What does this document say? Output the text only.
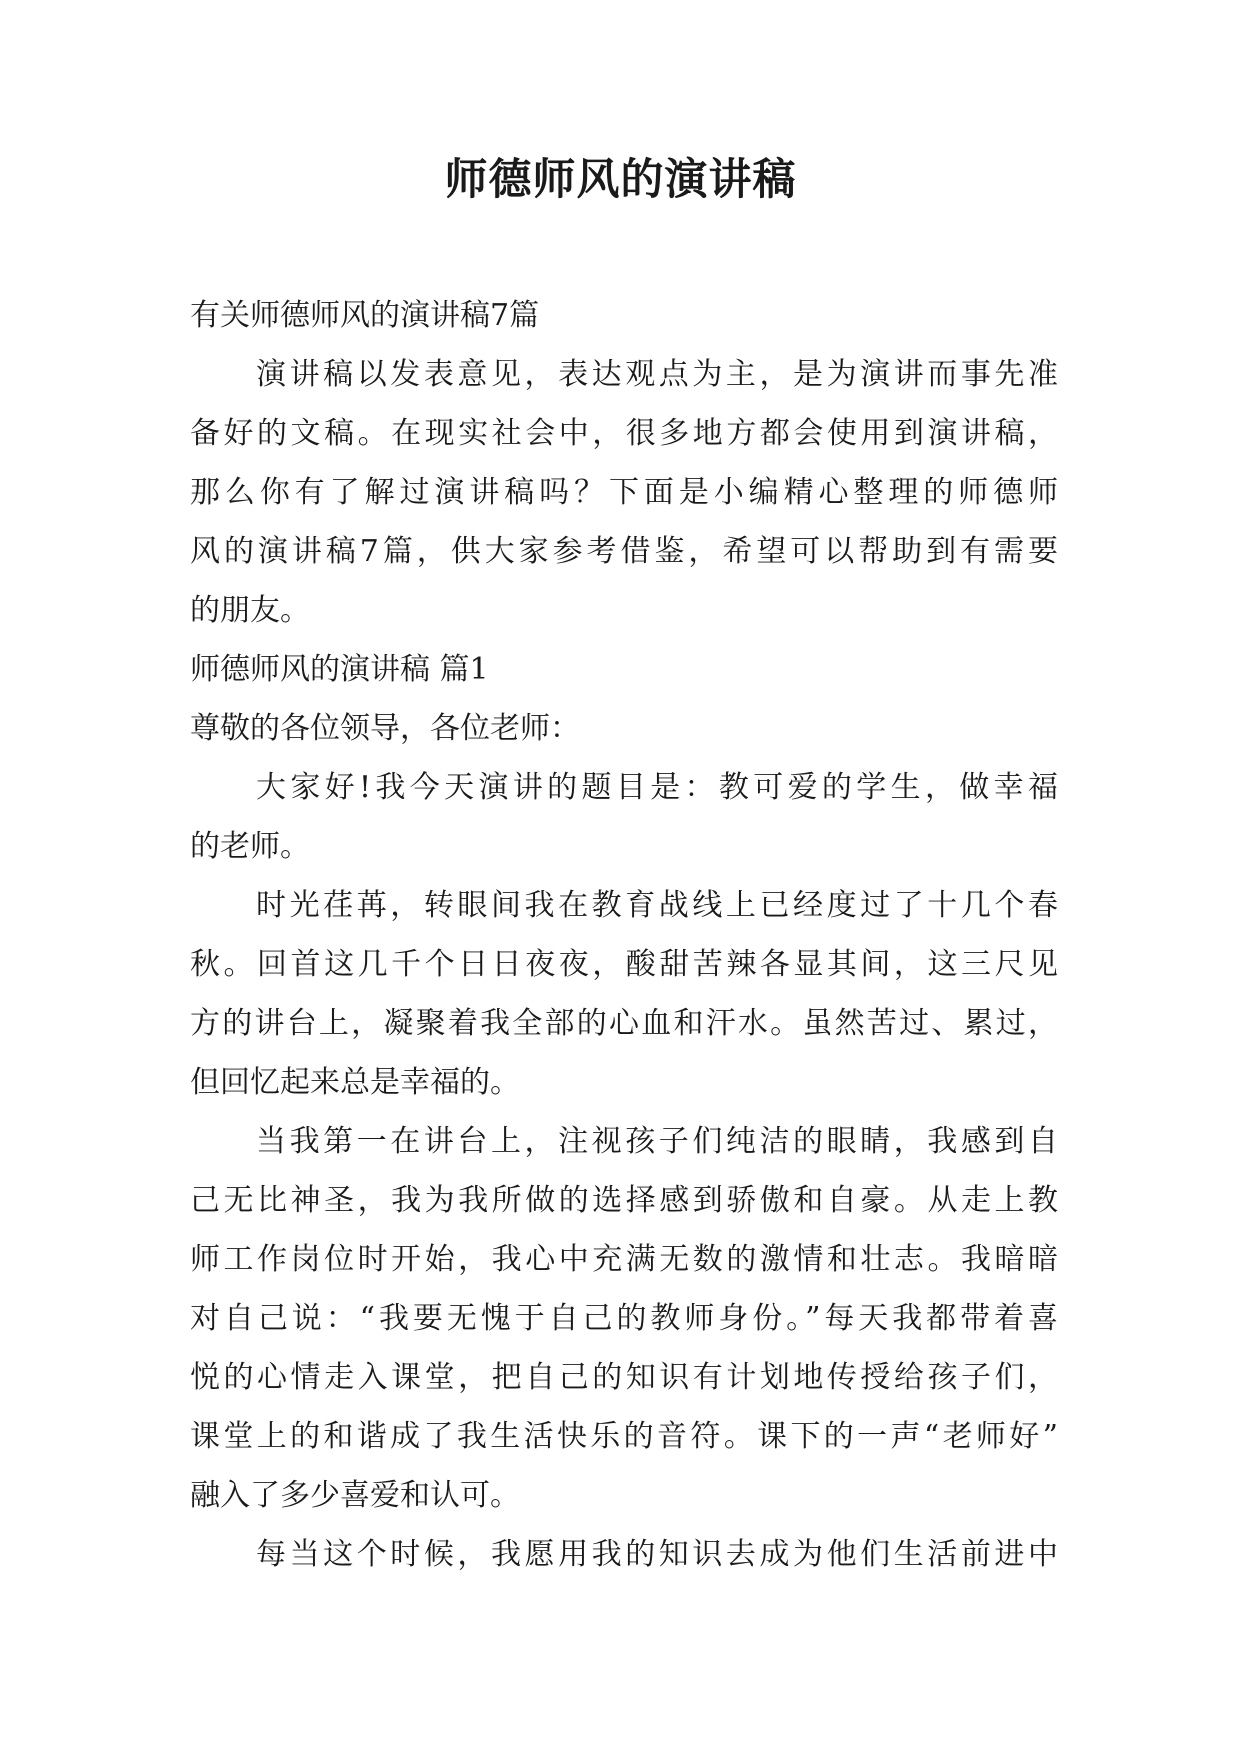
师德师风的演讲稿
有关师德师风的演讲稿7篇
演讲稿以发表意见，表达观点为主，是为演讲而事先准
备好的文稿。在现实社会中，很多地方都会使用到演讲稿，
那么你有了解过演讲稿吗？下面是小编精心整理的师德师
风的演讲稿7篇，供大家参考借鉴，希望可以帮助到有需要
的朋友。
师德师风的演讲稿 篇1
尊敬的各位领导，各位老师：
大家好!我今天演讲的题目是：教可爱的学生，做幸福
的老师。
时光荏苒，转眼间我在教育战线上已经度过了十几个春
秋。回首这几千个日日夜夜，酸甜苦辣各显其间，这三尺见
方的讲台上，凝聚着我全部的心血和汗水。虽然苦过、累过，
但回忆起来总是幸福的。
当我第一在讲台上，注视孩子们纯洁的眼睛，我感到自
己无比神圣，我为我所做的选择感到骄傲和自豪。从走上教
师工作岗位时开始，我心中充满无数的激情和壮志。我暗暗
对自己说：“我要无愧于自己的教师身份。”每天我都带着喜
悦的心情走入课堂，把自己的知识有计划地传授给孩子们，
课堂上的和谐成了我生活快乐的音符。课下的一声“老师好”
融入了多少喜爱和认可。
每当这个时候，我愿用我的知识去成为他们生活前进中
